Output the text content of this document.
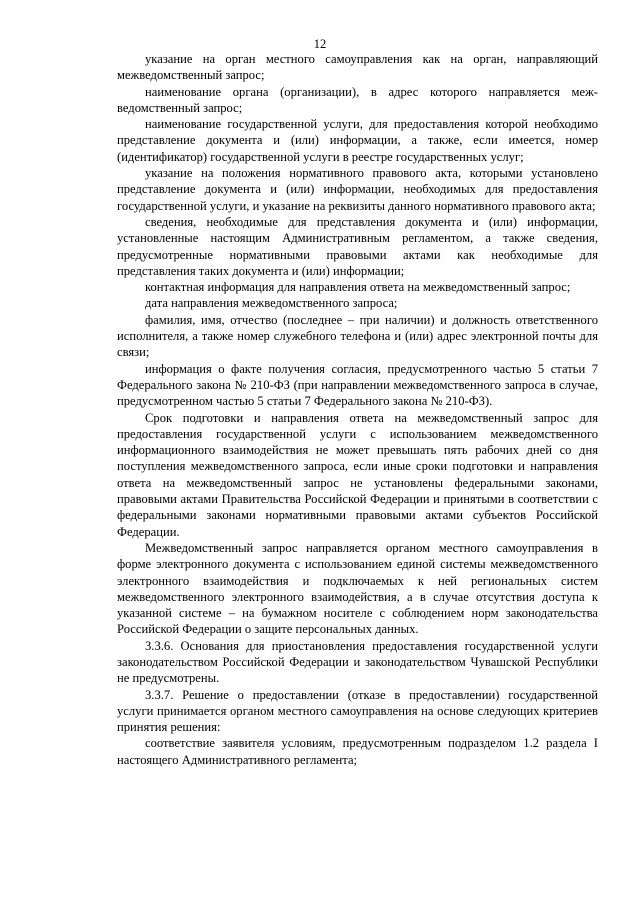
12

указание на орган местного самоуправления как на орган, направляющий межведомственный запрос;

наименование органа (организации), в адрес которого направляется межведомственный запрос;

наименование государственной услуги, для предоставления которой необходимо представление документа и (или) информации, а также, если имеется, номер (идентификатор) государственной услуги в реестре государственных услуг;

указание на положения нормативного правового акта, которыми установлено представление документа и (или) информации, необходимых для предоставления государственной услуги, и указание на реквизиты данного нормативного правового акта;

сведения, необходимые для представления документа и (или) информации, установленные настоящим Административным регламентом, а также сведения, предусмотренные нормативными правовыми актами как необходимые для представления таких документа и (или) информации;

контактная информация для направления ответа на межведомственный запрос;

дата направления межведомственного запроса;

фамилия, имя, отчество (последнее – при наличии) и должность ответственного исполнителя, а также номер служебного телефона и (или) адрес электронной почты для связи;

информация о факте получения согласия, предусмотренного частью 5 статьи 7 Федерального закона № 210-ФЗ (при направлении межведомственного запроса в случае, предусмотренном частью 5 статьи 7 Федерального закона № 210-ФЗ).

Срок подготовки и направления ответа на межведомственный запрос для предоставления государственной услуги с использованием межведомственного информационного взаимодействия не может превышать пять рабочих дней со дня поступления межведомственного запроса, если иные сроки подготовки и направления ответа на межведомственный запрос не установлены федеральными законами, правовыми актами Правительства Российской Федерации и принятыми в соответствии с федеральными законами нормативными правовыми актами субъектов Российской Федерации.

Межведомственный запрос направляется органом местного самоуправления в форме электронного документа с использованием единой системы межведомственного электронного взаимодействия и подключаемых к ней региональных систем межведомственного электронного взаимодействия, а в случае отсутствия доступа к указанной системе – на бумажном носителе с соблюдением норм законодательства Российской Федерации о защите персональных данных.

3.3.6. Основания для приостановления предоставления государственной услуги законодательством Российской Федерации и законодательством Чувашской Республики не предусмотрены.

3.3.7. Решение о предоставлении (отказе в предоставлении) государственной услуги принимается органом местного самоуправления на основе следующих критериев принятия решения:

соответствие заявителя условиям, предусмотренным подразделом 1.2 раздела I настоящего Административного регламента;
